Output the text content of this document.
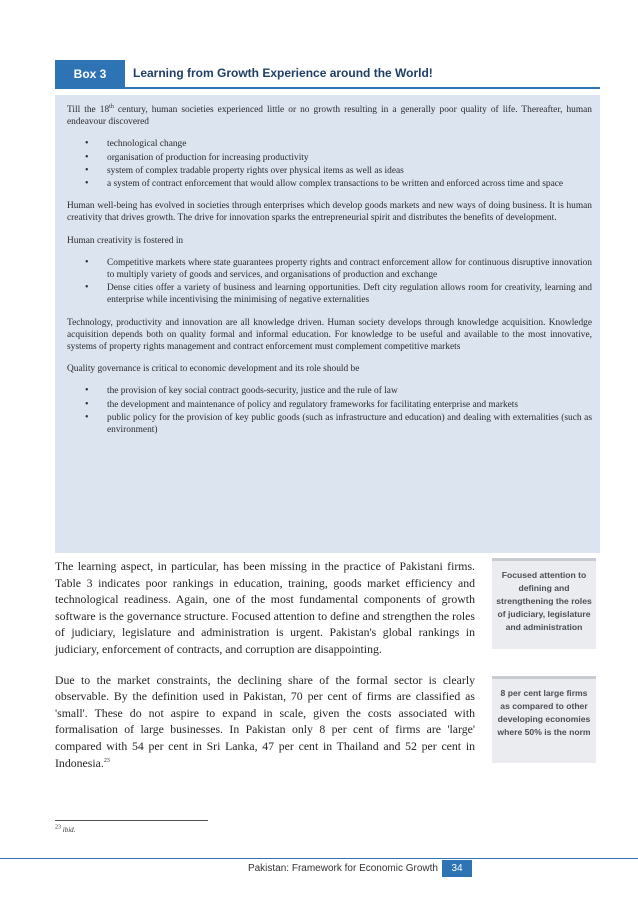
Box 3	Learning from Growth Experience around the World!

Till the 18th century, human societies experienced little or no growth resulting in a generally poor quality of life. Thereafter, human endeavour discovered

• technological change
• organisation of production for increasing productivity
• system of complex tradable property rights over physical items as well as ideas
• a system of contract enforcement that would allow complex transactions to be written and enforced across time and space

Human well-being has evolved in societies through enterprises which develop goods markets and new ways of doing business. It is human creativity that drives growth. The drive for innovation sparks the entrepreneurial spirit and distributes the benefits of development.

Human creativity is fostered in

• Competitive markets where state guarantees property rights and contract enforcement allow for continuous disruptive innovation to multiply variety of goods and services, and organisations of production and exchange
• Dense cities offer a variety of business and learning opportunities. Deft city regulation allows room for creativity, learning and enterprise while incentivising the minimising of negative externalities

Technology, productivity and innovation are all knowledge driven. Human society develops through knowledge acquisition. Knowledge acquisition depends both on quality formal and informal education. For knowledge to be useful and available to the most innovative, systems of property rights management and contract enforcement must complement competitive markets

Quality governance is critical to economic development and its role should be

• the provision of key social contract goods-security, justice and the rule of law
• the development and maintenance of policy and regulatory frameworks for facilitating enterprise and markets
• public policy for the provision of key public goods (such as infrastructure and education) and dealing with externalities (such as environment)

The learning aspect, in particular, has been missing in the practice of Pakistani firms. Table 3 indicates poor rankings in education, training, goods market efficiency and technological readiness. Again, one of the most fundamental components of growth software is the governance structure. Focused attention to define and strengthen the roles of judiciary, legislature and administration is urgent. Pakistan's global rankings in judiciary, enforcement of contracts, and corruption are disappointing.

Due to the market constraints, the declining share of the formal sector is clearly observable. By the definition used in Pakistan, 70 per cent of firms are classified as 'small'. These do not aspire to expand in scale, given the costs associated with formalisation of large businesses. In Pakistan only 8 per cent of firms are 'large' compared with 54 per cent in Sri Lanka, 47 per cent in Thailand and 52 per cent in Indonesia.$^{23}$

Focused attention to defining and strengthening the roles of judiciary, legislature and administration
8 per cent large firms as compared to other developing economies where 50% is the norm
$^{23}$ ibid.
Pakistan: Framework for Economic Growth	34
